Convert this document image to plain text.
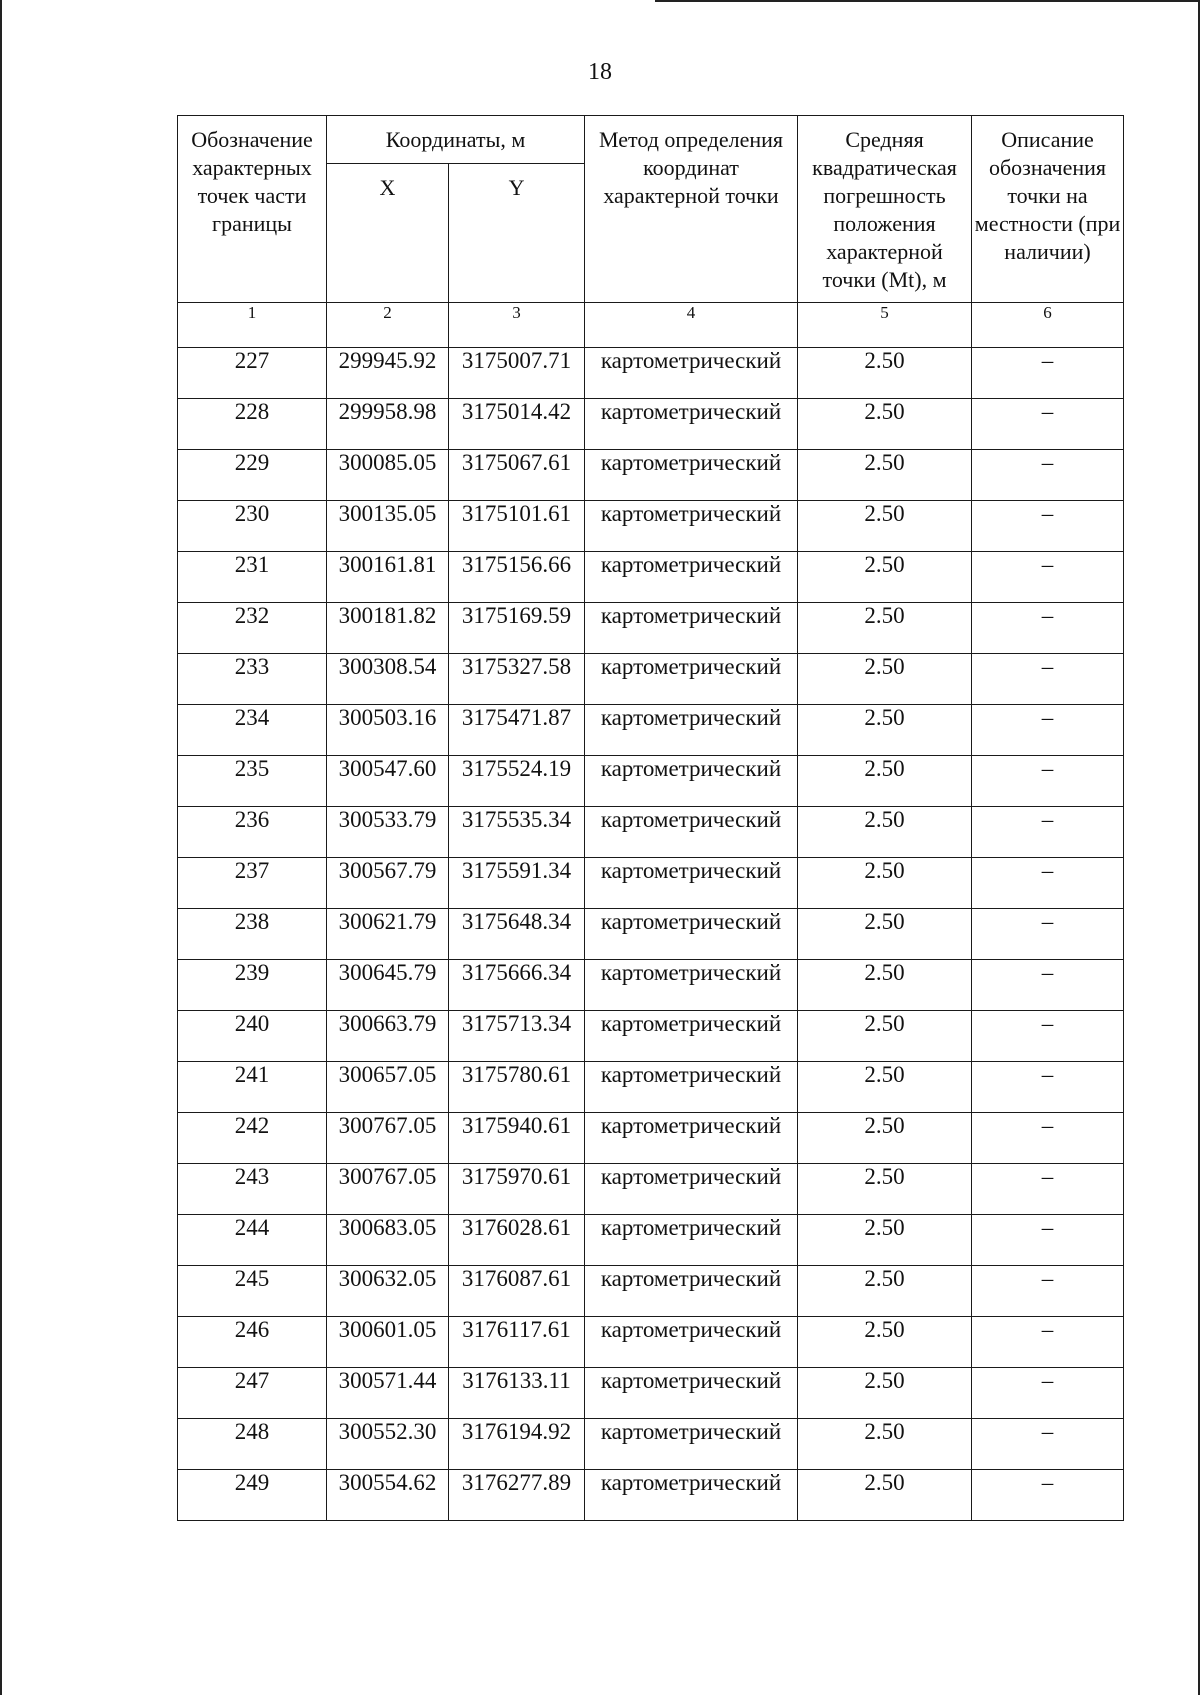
18
Обозначение характерных точек части границы	Координаты, м		Метод определения координат характерной точки	Средняя квадратическая погрешность положения характерной точки (Mt), м	Описание обозначения точки на местности (при наличии)
	X	Y			
1	2	3	4	5	6
227	299945.92	3175007.71	картометрический	2.50	–
228	299958.98	3175014.42	картометрический	2.50	–
229	300085.05	3175067.61	картометрический	2.50	–
230	300135.05	3175101.61	картометрический	2.50	–
231	300161.81	3175156.66	картометрический	2.50	–
232	300181.82	3175169.59	картометрический	2.50	–
233	300308.54	3175327.58	картометрический	2.50	–
234	300503.16	3175471.87	картометрический	2.50	–
235	300547.60	3175524.19	картометрический	2.50	–
236	300533.79	3175535.34	картометрический	2.50	–
237	300567.79	3175591.34	картометрический	2.50	–
238	300621.79	3175648.34	картометрический	2.50	–
239	300645.79	3175666.34	картометрический	2.50	–
240	300663.79	3175713.34	картометрический	2.50	–
241	300657.05	3175780.61	картометрический	2.50	–
242	300767.05	3175940.61	картометрический	2.50	–
243	300767.05	3175970.61	картометрический	2.50	–
244	300683.05	3176028.61	картометрический	2.50	–
245	300632.05	3176087.61	картометрический	2.50	–
246	300601.05	3176117.61	картометрический	2.50	–
247	300571.44	3176133.11	картометрический	2.50	–
248	300552.30	3176194.92	картометрический	2.50	–
249	300554.62	3176277.89	картометрический	2.50	–
